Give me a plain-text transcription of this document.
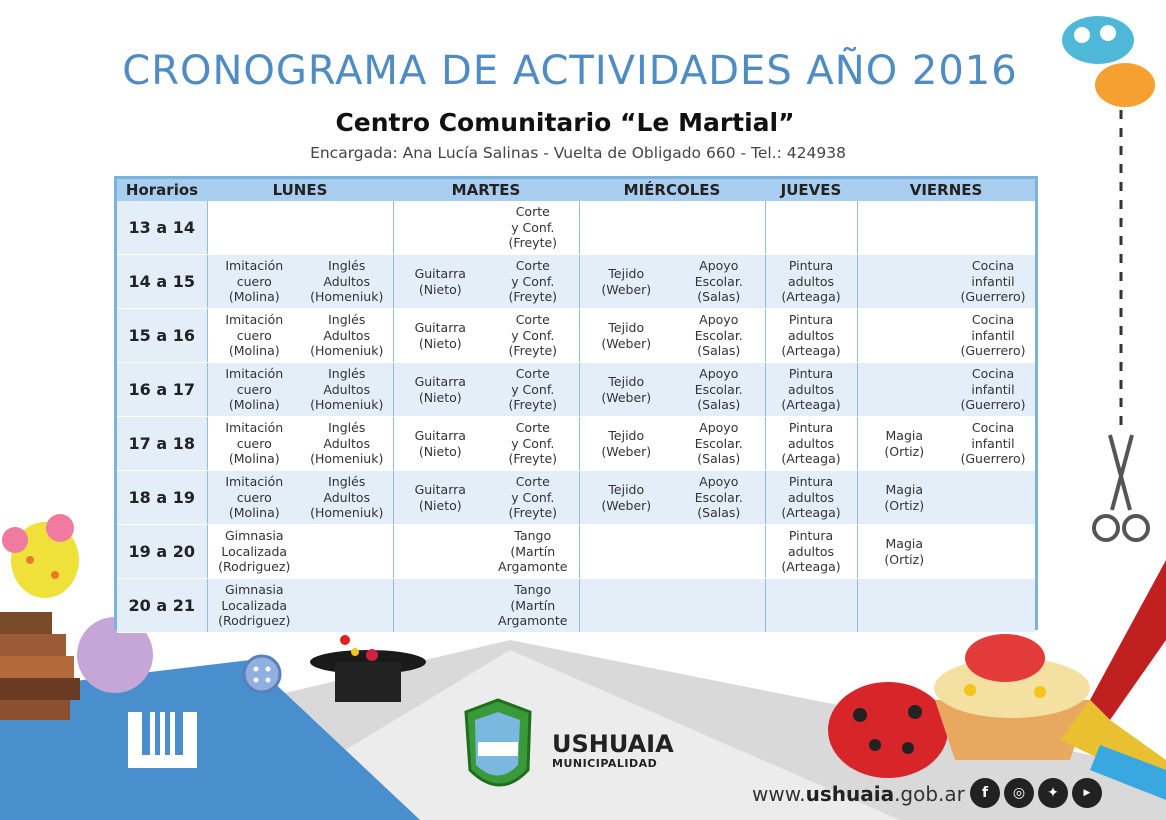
CRONOGRAMA DE ACTIVIDADES AÑO 2016
Centro Comunitario “Le Martial”
Encargada: Ana Lucía Salinas - Vuelta de Obligado 660 - Tel.: 424938
Horarios	LUNES		MARTES		MIÉRCOLES		JUEVES	VIERNES	
13 a 14				Corte
y Conf.
(Freyte)					
14 a 15	Imitación
cuero
(Molina)	Inglés
Adultos
(Homeniuk)	Guitarra
(Nieto)	Corte
y Conf.
(Freyte)	Tejido
(Weber)	Apoyo
Escolar.
(Salas)	Pintura
adultos
(Arteaga)		Cocina
infantil
(Guerrero)
15 a 16	Imitación
cuero
(Molina)	Inglés
Adultos
(Homeniuk)	Guitarra
(Nieto)	Corte
y Conf.
(Freyte)	Tejido
(Weber)	Apoyo
Escolar.
(Salas)	Pintura
adultos
(Arteaga)		Cocina
infantil
(Guerrero)
16 a 17	Imitación
cuero
(Molina)	Inglés
Adultos
(Homeniuk)	Guitarra
(Nieto)	Corte
y Conf.
(Freyte)	Tejido
(Weber)	Apoyo
Escolar.
(Salas)	Pintura
adultos
(Arteaga)		Cocina
infantil
(Guerrero)
17 a 18	Imitación
cuero
(Molina)	Inglés
Adultos
(Homeniuk)	Guitarra
(Nieto)	Corte
y Conf.
(Freyte)	Tejido
(Weber)	Apoyo
Escolar.
(Salas)	Pintura
adultos
(Arteaga)	Magia
(Ortiz)	Cocina
infantil
(Guerrero)
18 a 19	Imitación
cuero
(Molina)	Inglés
Adultos
(Homeniuk)	Guitarra
(Nieto)	Corte
y Conf.
(Freyte)	Tejido
(Weber)	Apoyo
Escolar.
(Salas)	Pintura
adultos
(Arteaga)	Magia
(Ortiz)	
19 a 20	Gimnasia
Localizada
(Rodriguez)			Tango
(Martín
Argamonte			Pintura
adultos
(Arteaga)	Magia
(Ortiz)	
20 a 21	Gimnasia
Localizada
(Rodriguez)			Tango
(Martín
Argamonte					
USHUAIA
MUNICIPALIDAD
www.ushuaia.gob.ar	f	◎	✦	▶
